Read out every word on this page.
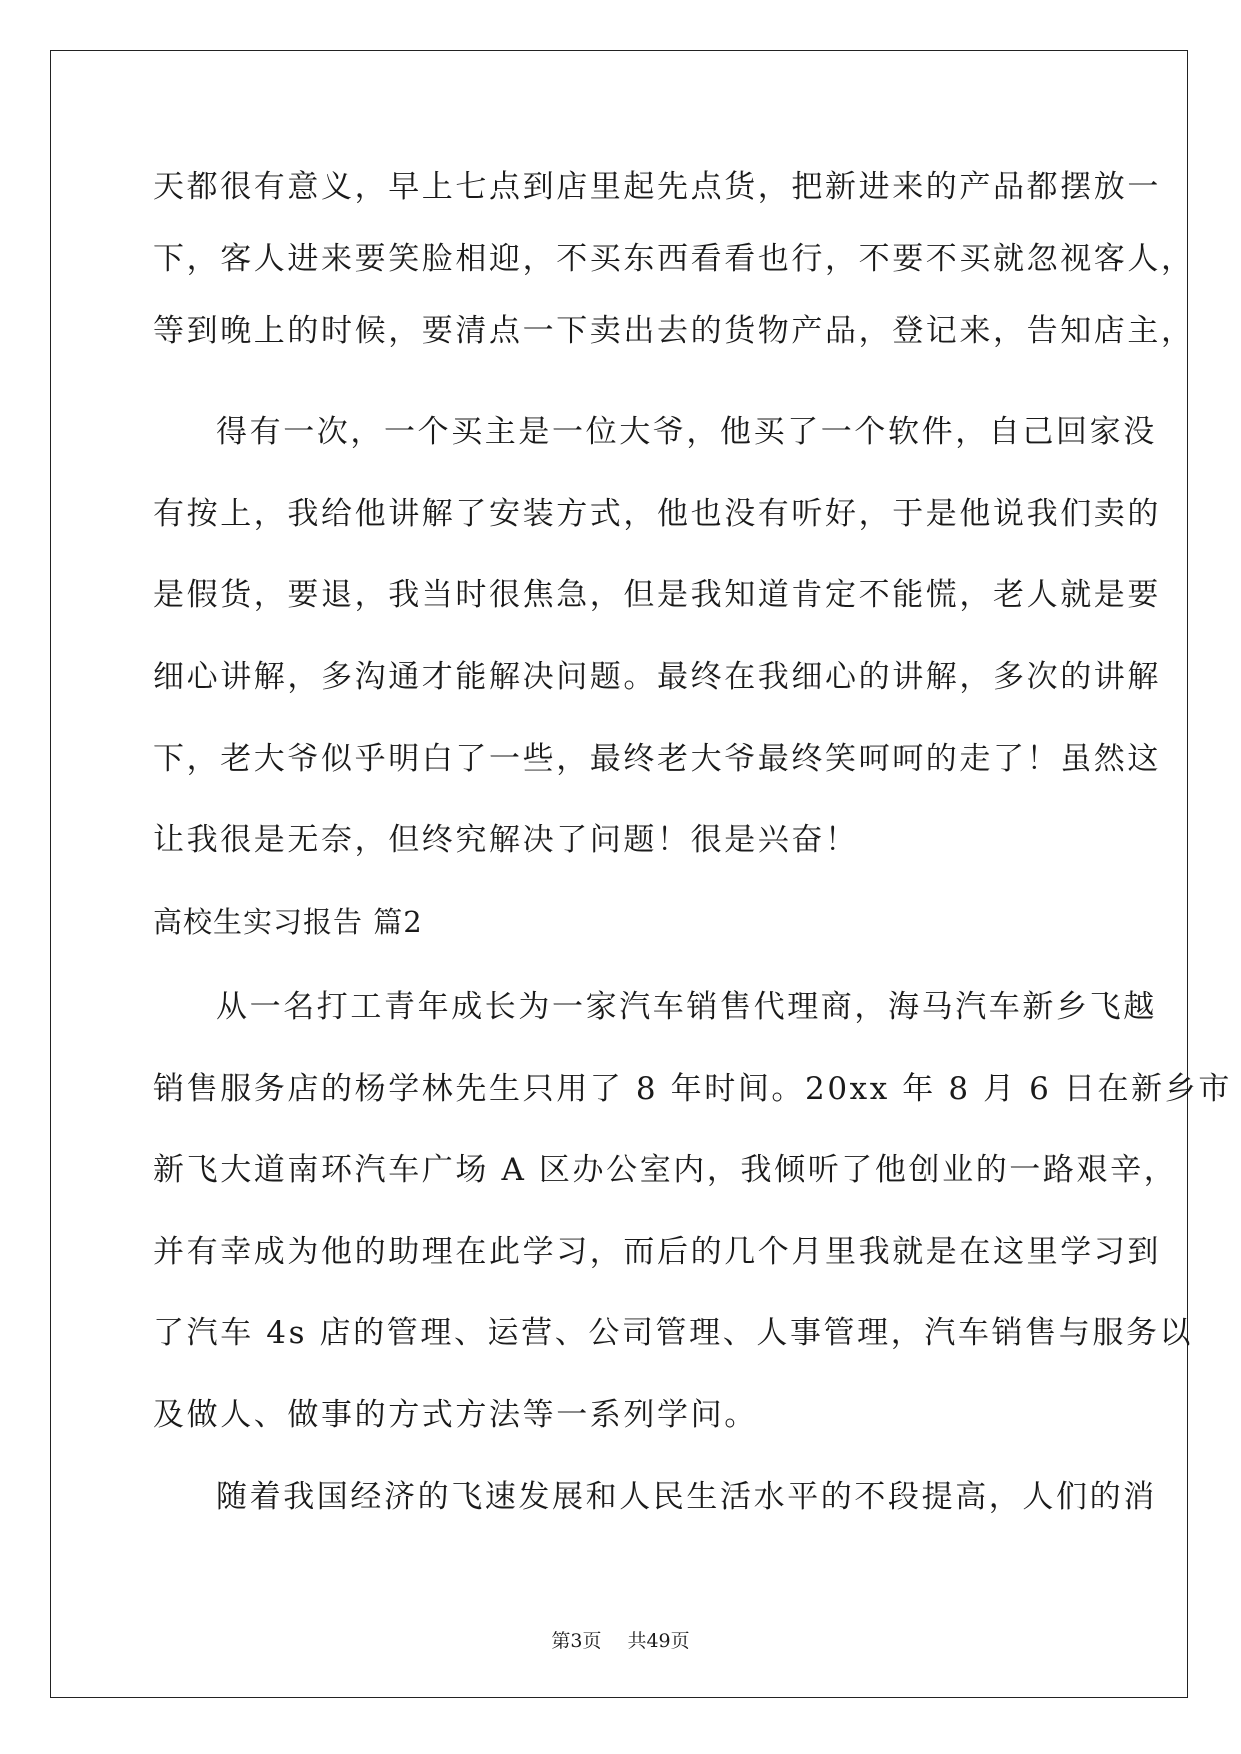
天都很有意义，早上七点到店里起先点货，把新进来的产品都摆放一
下，客人进来要笑脸相迎，不买东西看看也行，不要不买就忽视客人，
等到晚上的时候，要清点一下卖出去的货物产品，登记来，告知店主，
得有一次，一个买主是一位大爷，他买了一个软件，自己回家没
有按上，我给他讲解了安装方式，他也没有听好，于是他说我们卖的
是假货，要退，我当时很焦急，但是我知道肯定不能慌，老人就是要
细心讲解，多沟通才能解决问题。最终在我细心的讲解，多次的讲解
下，老大爷似乎明白了一些，最终老大爷最终笑呵呵的走了！虽然这
让我很是无奈，但终究解决了问题！很是兴奋！
高校生实习报告 篇2
从一名打工青年成长为一家汽车销售代理商，海马汽车新乡飞越
销售服务店的杨学林先生只用了 8 年时间。20xx 年 8 月 6 日在新乡市
新飞大道南环汽车广场 A 区办公室内，我倾听了他创业的一路艰辛，
并有幸成为他的助理在此学习，而后的几个月里我就是在这里学习到
了汽车 4s 店的管理、运营、公司管理、人事管理，汽车销售与服务以
及做人、做事的方式方法等一系列学问。
随着我国经济的飞速发展和人民生活水平的不段提高，人们的消
第3页 共49页
